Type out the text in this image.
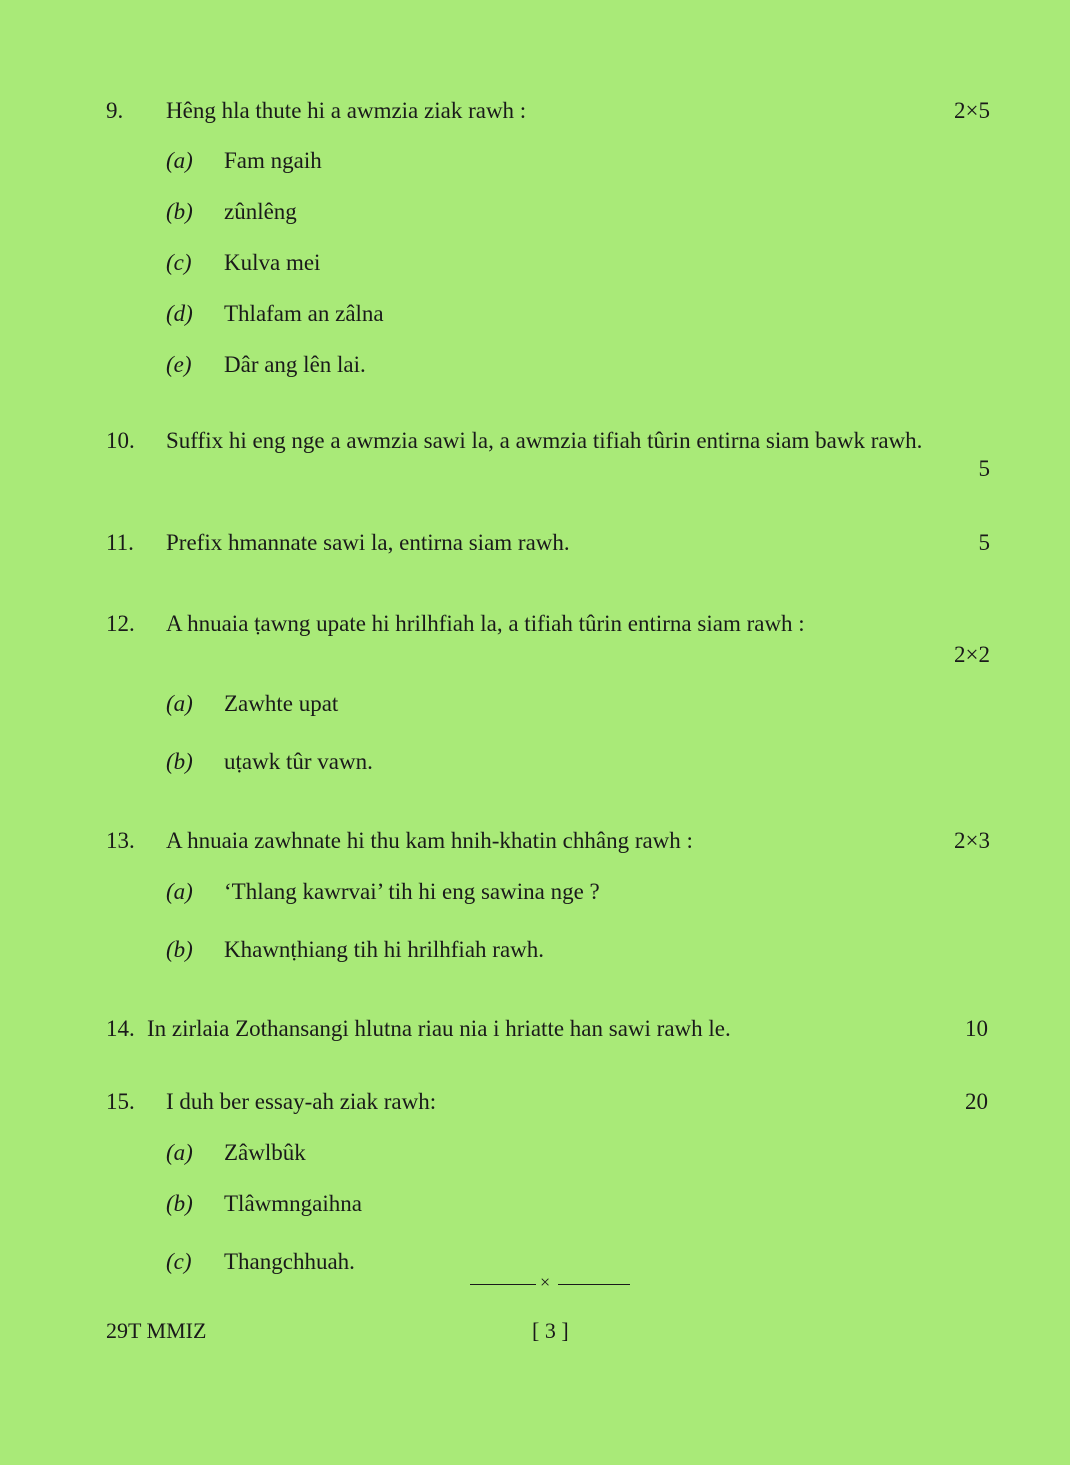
9. Hêng hla thute hi a awmzia ziak rawh :	2×5
(a) Fam ngaih
(b) zûnlêng
(c) Kulva mei
(d) Thlafam an zâlna
(e) Dâr ang lên lai.
10. Suffix hi eng nge a awmzia sawi la, a awmzia tifiah tûrin entirna siam bawk rawh.
5
11. Prefix hmannate sawi la, entirna siam rawh.	5
12. A hnuaia ṭawng upate hi hrilhfiah la, a tifiah tûrin entirna siam rawh :
2×2
(a) Zawhte upat
(b) uṭawk tûr vawn.
13. A hnuaia zawhnate hi thu kam hnih-khatin chhâng rawh :	2×3
(a) ‘Thlang kawrvai’ tih hi eng sawina nge ?
(b) Khawnṭhiang tih hi hrilhfiah rawh.
14. In zirlaia Zothansangi hlutna riau nia i hriatte han sawi rawh le.	10
15. I duh ber essay-ah ziak rawh:	20
(a) Zâwlbûk
(b) Tlâwmngaihna
(c) Thangchhuah.
×
29T MMIZ	[ 3 ]
